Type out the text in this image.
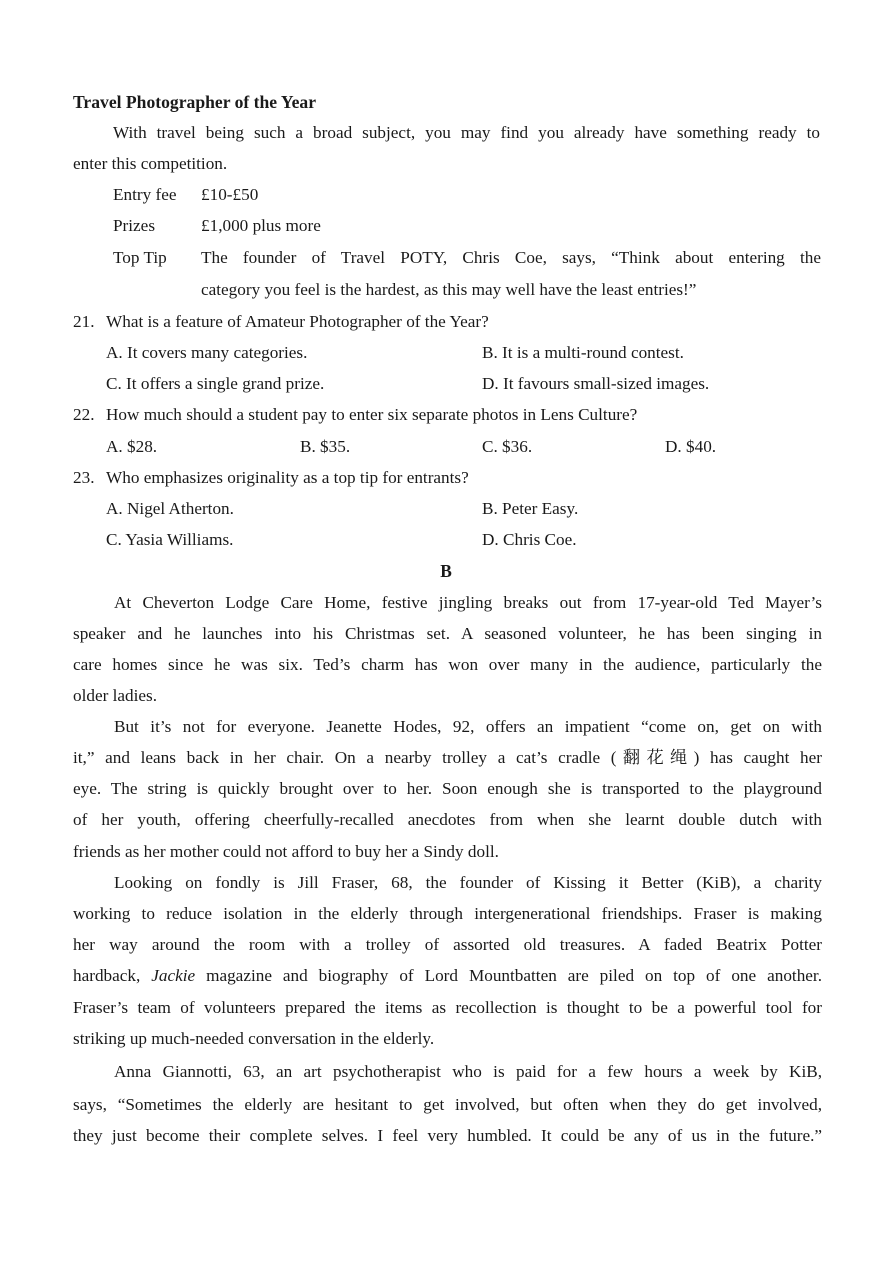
Travel Photographer of the Year
With travel being such a broad subject, you may find you already have something ready to
enter this competition.
Entry fee £10-£50
Prizes	£1,000 plus more
Top Tip The founder of Travel POTY, Chris Coe, says, “Think about entering the
category you feel is the hardest, as this may well have the least entries!”
21. What is a feature of Amateur Photographer of the Year?
A. It covers many categories.	B. It is a multi-round contest.
C. It offers a single grand prize.	D. It favours small-sized images.
22. How much should a student pay to enter six separate photos in Lens Culture?
A. $28.	B. $35.	C. $36.	D. $40.
23. Who emphasizes originality as a top tip for entrants?
A. Nigel Atherton.	B. Peter Easy.
C. Yasia Williams.	D. Chris Coe.
B
At Cheverton Lodge Care Home, festive jingling breaks out from 17-year-old Ted Mayer’s
speaker and he launches into his Christmas set. A seasoned volunteer, he has been singing in
care homes since he was six. Ted’s charm has won over many in the audience, particularly the
older ladies.
But it’s not for everyone. Jeanette Hodes, 92, offers an impatient “come on, get on with
it,” and leans back in her chair. On a nearby trolley a cat’s cradle (翻花绳) has caught her
eye. The string is quickly brought over to her. Soon enough she is transported to the playground
of her youth, offering cheerfully-recalled anecdotes from when she learnt double dutch with
friends as her mother could not afford to buy her a Sindy doll.
Looking on fondly is Jill Fraser, 68, the founder of Kissing it Better (KiB), a charity
working to reduce isolation in the elderly through intergenerational friendships. Fraser is making
her way around the room with a trolley of assorted old treasures. A faded Beatrix Potter
hardback, Jackie magazine and biography of Lord Mountbatten are piled on top of one another.
Fraser’s team of volunteers prepared the items as recollection is thought to be a powerful tool for
striking up much-needed conversation in the elderly.
Anna Giannotti, 63, an art psychotherapist who is paid for a few hours a week by KiB,
says, “Sometimes the elderly are hesitant to get involved, but often when they do get involved,
they just become their complete selves. I feel very humbled. It could be any of us in the future.”
